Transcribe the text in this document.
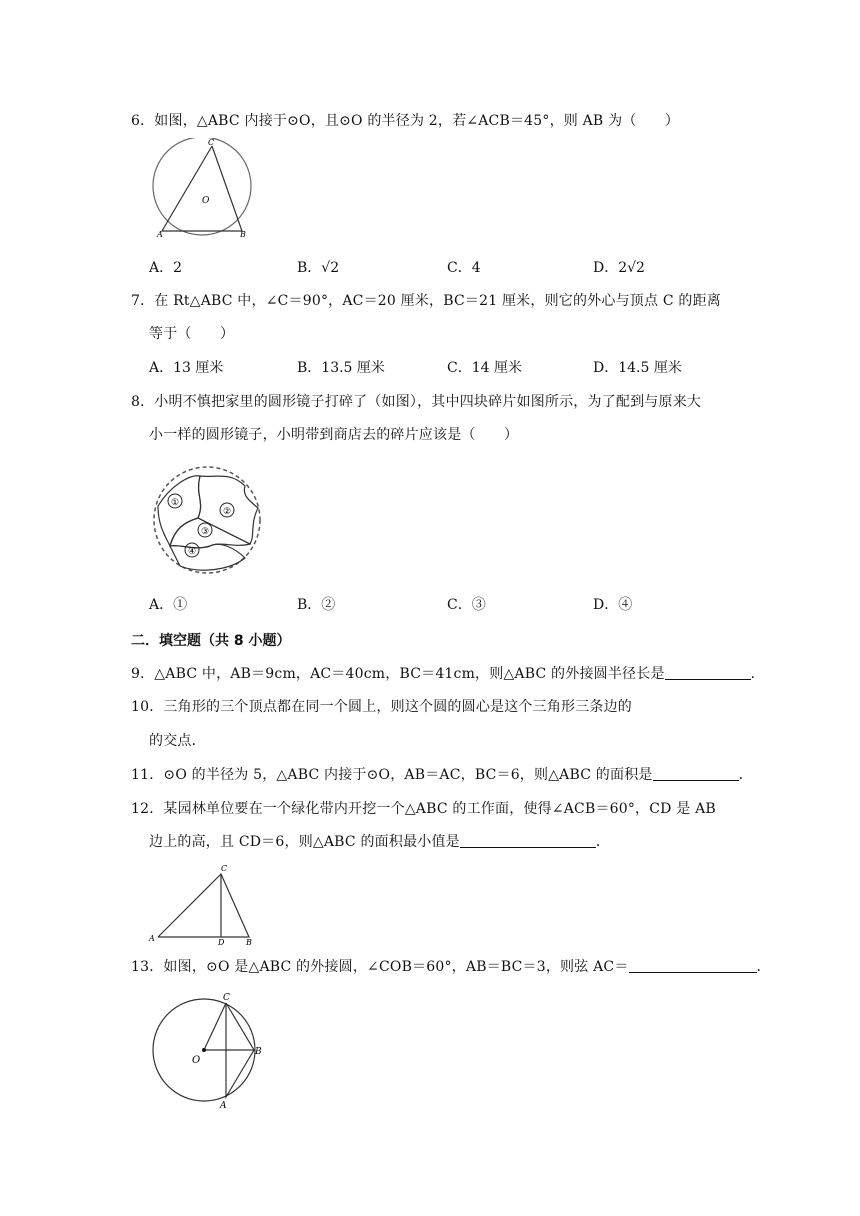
6．如图，△ABC 内接于⊙O，且⊙O 的半径为 2，若∠ACB＝45°，则 AB 为（　　）
C
O
A	B
A．2	B．√2	C．4	D．2√2
7．在 Rt△ABC 中，∠C＝90°，AC＝20 厘米，BC＝21 厘米，则它的外心与顶点 C 的距离
等于（　　）
A．13 厘米	B．13.5 厘米	C．14 厘米	D．14.5 厘米
8．小明不慎把家里的圆形镜子打碎了（如图），其中四块碎片如图所示，为了配到与原来大
小一样的圆形镜子，小明带到商店去的碎片应该是（　　）
①
②
③
④
A．①	B．②	C．③	D．④
二．填空题（共 8 小题）
9．△ABC 中，AB＝9cm，AC＝40cm，BC＝41cm，则△ABC 的外接圆半径长是	．
10．三角形的三个顶点都在同一个圆上，则这个圆的圆心是这个三角形三条边的
的交点．
11．⊙O 的半径为 5，△ABC 内接于⊙O，AB＝AC，BC＝6，则△ABC 的面积是	．
12．某园林单位要在一个绿化带内开挖一个△ABC 的工作面，使得∠ACB＝60°，CD 是 AB
边上的高，且 CD＝6，则△ABC 的面积最小值是	．
C
A	D	B
13．如图，⊙O 是△ABC 的外接圆，∠COB＝60°，AB＝BC＝3，则弦 AC＝	．
C
O
B
A
